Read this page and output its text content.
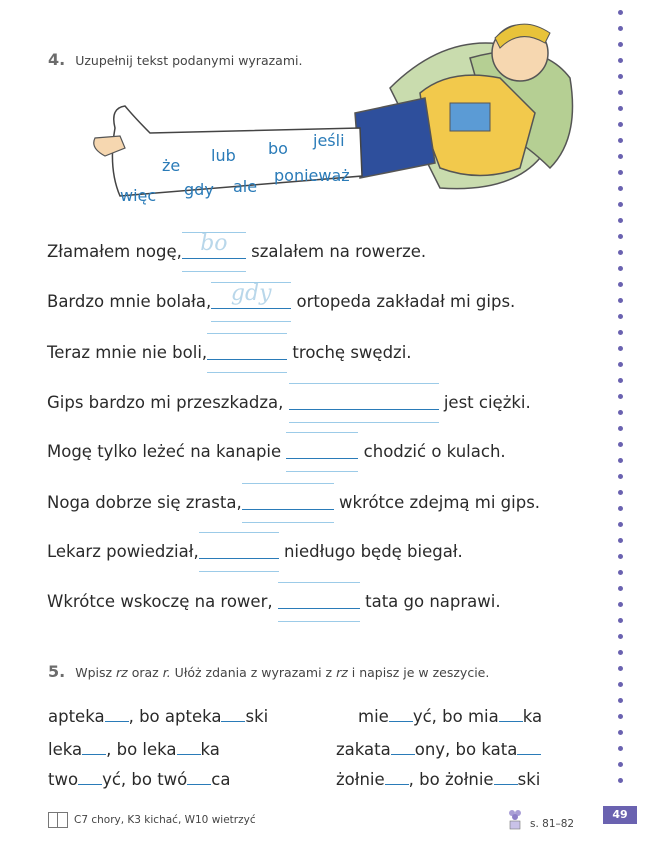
4. Uzupełnij tekst podanymi wyrazami.
że
lub bo jeśli
więc gdy ale
ponieważ
Złamałem nogę, bo	szalałem na rowerze.
Bardzo mnie bolała, gdy	ortopeda zakładał mi gips.
Teraz mnie nie boli,	trochę swędzi.
Gips bardzo mi przeszkadza,	jest ciężki.
Mogę tylko leżeć na kanapie	chodzić o kulach.
Noga dobrze się zrasta,	wkrótce zdejmą mi gips.
Lekarz powiedział,	niedługo będę biegał.
Wkrótce wskoczę na rower,	tata go naprawi.
5. Wpisz rz oraz r. Ułóż zdania z wyrazami z rz i napisz je w zeszycie.
apteka , bo apteka ski	mie yć, bo mia ka
leka , bo leka ka	zakata ony, bo kata
two yć, bo twó ca	żołnie , bo żołnie ski
C7 chory, K3 kichać, W10 wietrzyć	s. 81–82
49
